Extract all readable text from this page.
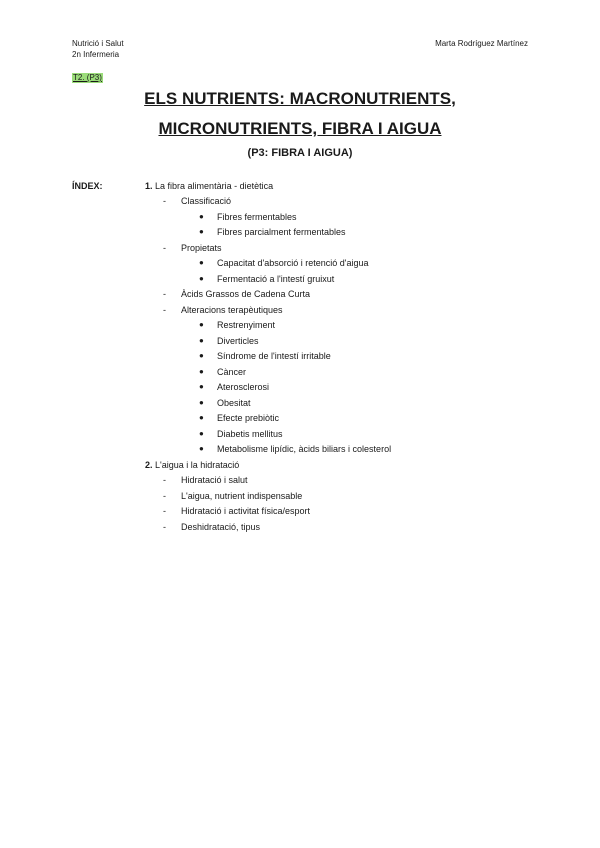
Nutrició i Salut
2n Infermeria
Marta Rodríguez Martínez
T2. (P3)
ELS NUTRIENTS: MACRONUTRIENTS,
MICRONUTRIENTS, FIBRA I AIGUA
(P3: FIBRA I AIGUA)
ÍNDEX:	1. La fibra alimentària - dietètica
- Classificació
● Fibres fermentables
● Fibres parcialment fermentables
- Propietats
● Capacitat d'absorció i retenció d'aigua
● Fermentació a l'intestí gruixut
- Àcids Grassos de Cadena Curta
- Alteracions terapèutiques
● Restrenyiment
● Diverticles
● Síndrome de l'intestí irritable
● Càncer
● Aterosclerosi
● Obesitat
● Efecte prebiòtic
● Diabetis mellitus
● Metabolisme lipídic, àcids biliars i colesterol
2. L'aigua i la hidratació
- Hidratació i salut
- L'aigua, nutrient indispensable
- Hidratació i activitat física/esport
- Deshidratació, tipus
